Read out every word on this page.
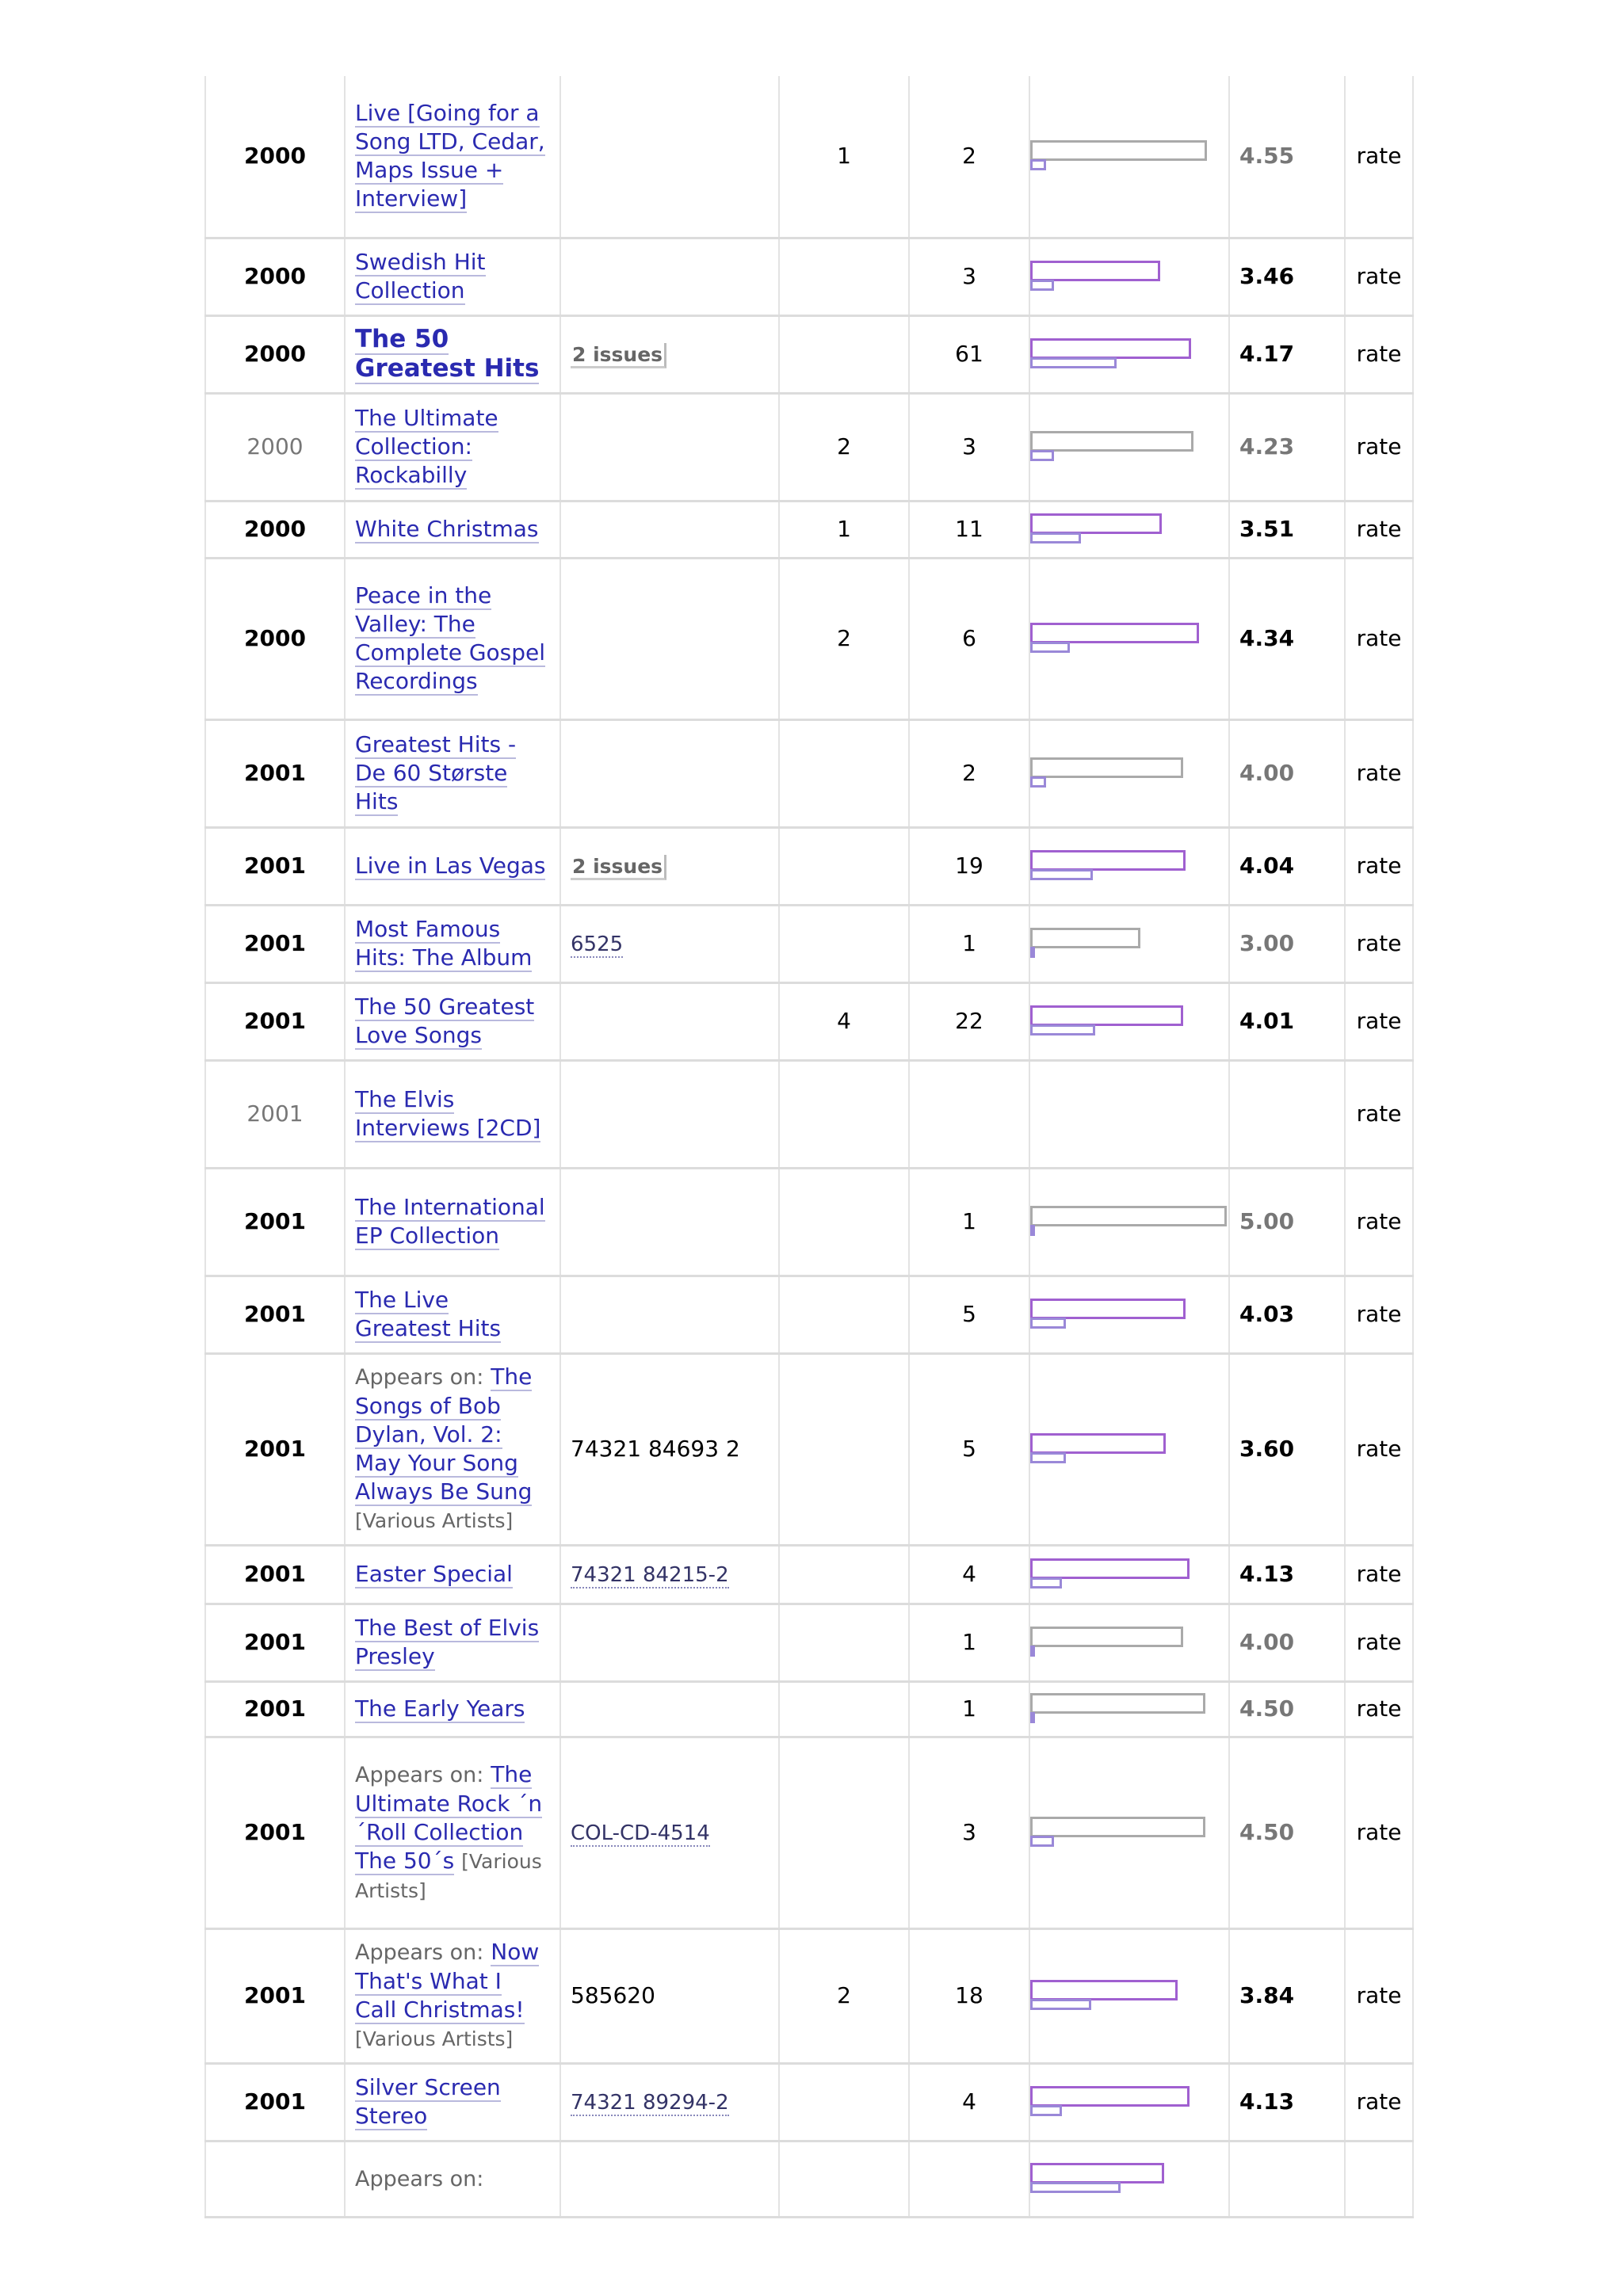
2000	Live [Going for a Song LTD, Cedar, Maps Issue + Interview]		1	2		4.55	rate
2000	Swedish Hit Collection			3		3.46	rate
2000	The 50 Greatest Hits	2 issues		61		4.17	rate
2000	The Ultimate Collection: Rockabilly		2	3		4.23	rate
2000	White Christmas		1	11		3.51	rate
2000	Peace in the Valley: The Complete Gospel Recordings		2	6		4.34	rate
2001	Greatest Hits - De 60 Største Hits			2		4.00	rate
2001	Live in Las Vegas	2 issues		19		4.04	rate
2001	Most Famous Hits: The Album	6525		1		3.00	rate
2001	The 50 Greatest Love Songs		4	22		4.01	rate
2001	The Elvis Interviews [2CD]						rate
2001	The International EP Collection			1		5.00	rate
2001	The Live Greatest Hits			5		4.03	rate
2001	Appears on: The Songs of Bob Dylan, Vol. 2: May Your Song Always Be Sung [Various Artists]	74321 84693 2		5		3.60	rate
2001	Easter Special	74321 84215-2		4		4.13	rate
2001	The Best of Elvis Presley			1		4.00	rate
2001	The Early Years			1		4.50	rate
2001	Appears on: The Ultimate Rock ´n´Roll Collection The 50´s [Various Artists]	COL-CD-4514		3		4.50	rate
2001	Appears on: Now That's What I Call Christmas! [Various Artists]	585620	2	18		3.84	rate
2001	Silver Screen Stereo	74321 89294-2		4		4.13	rate
	Appears on:				
